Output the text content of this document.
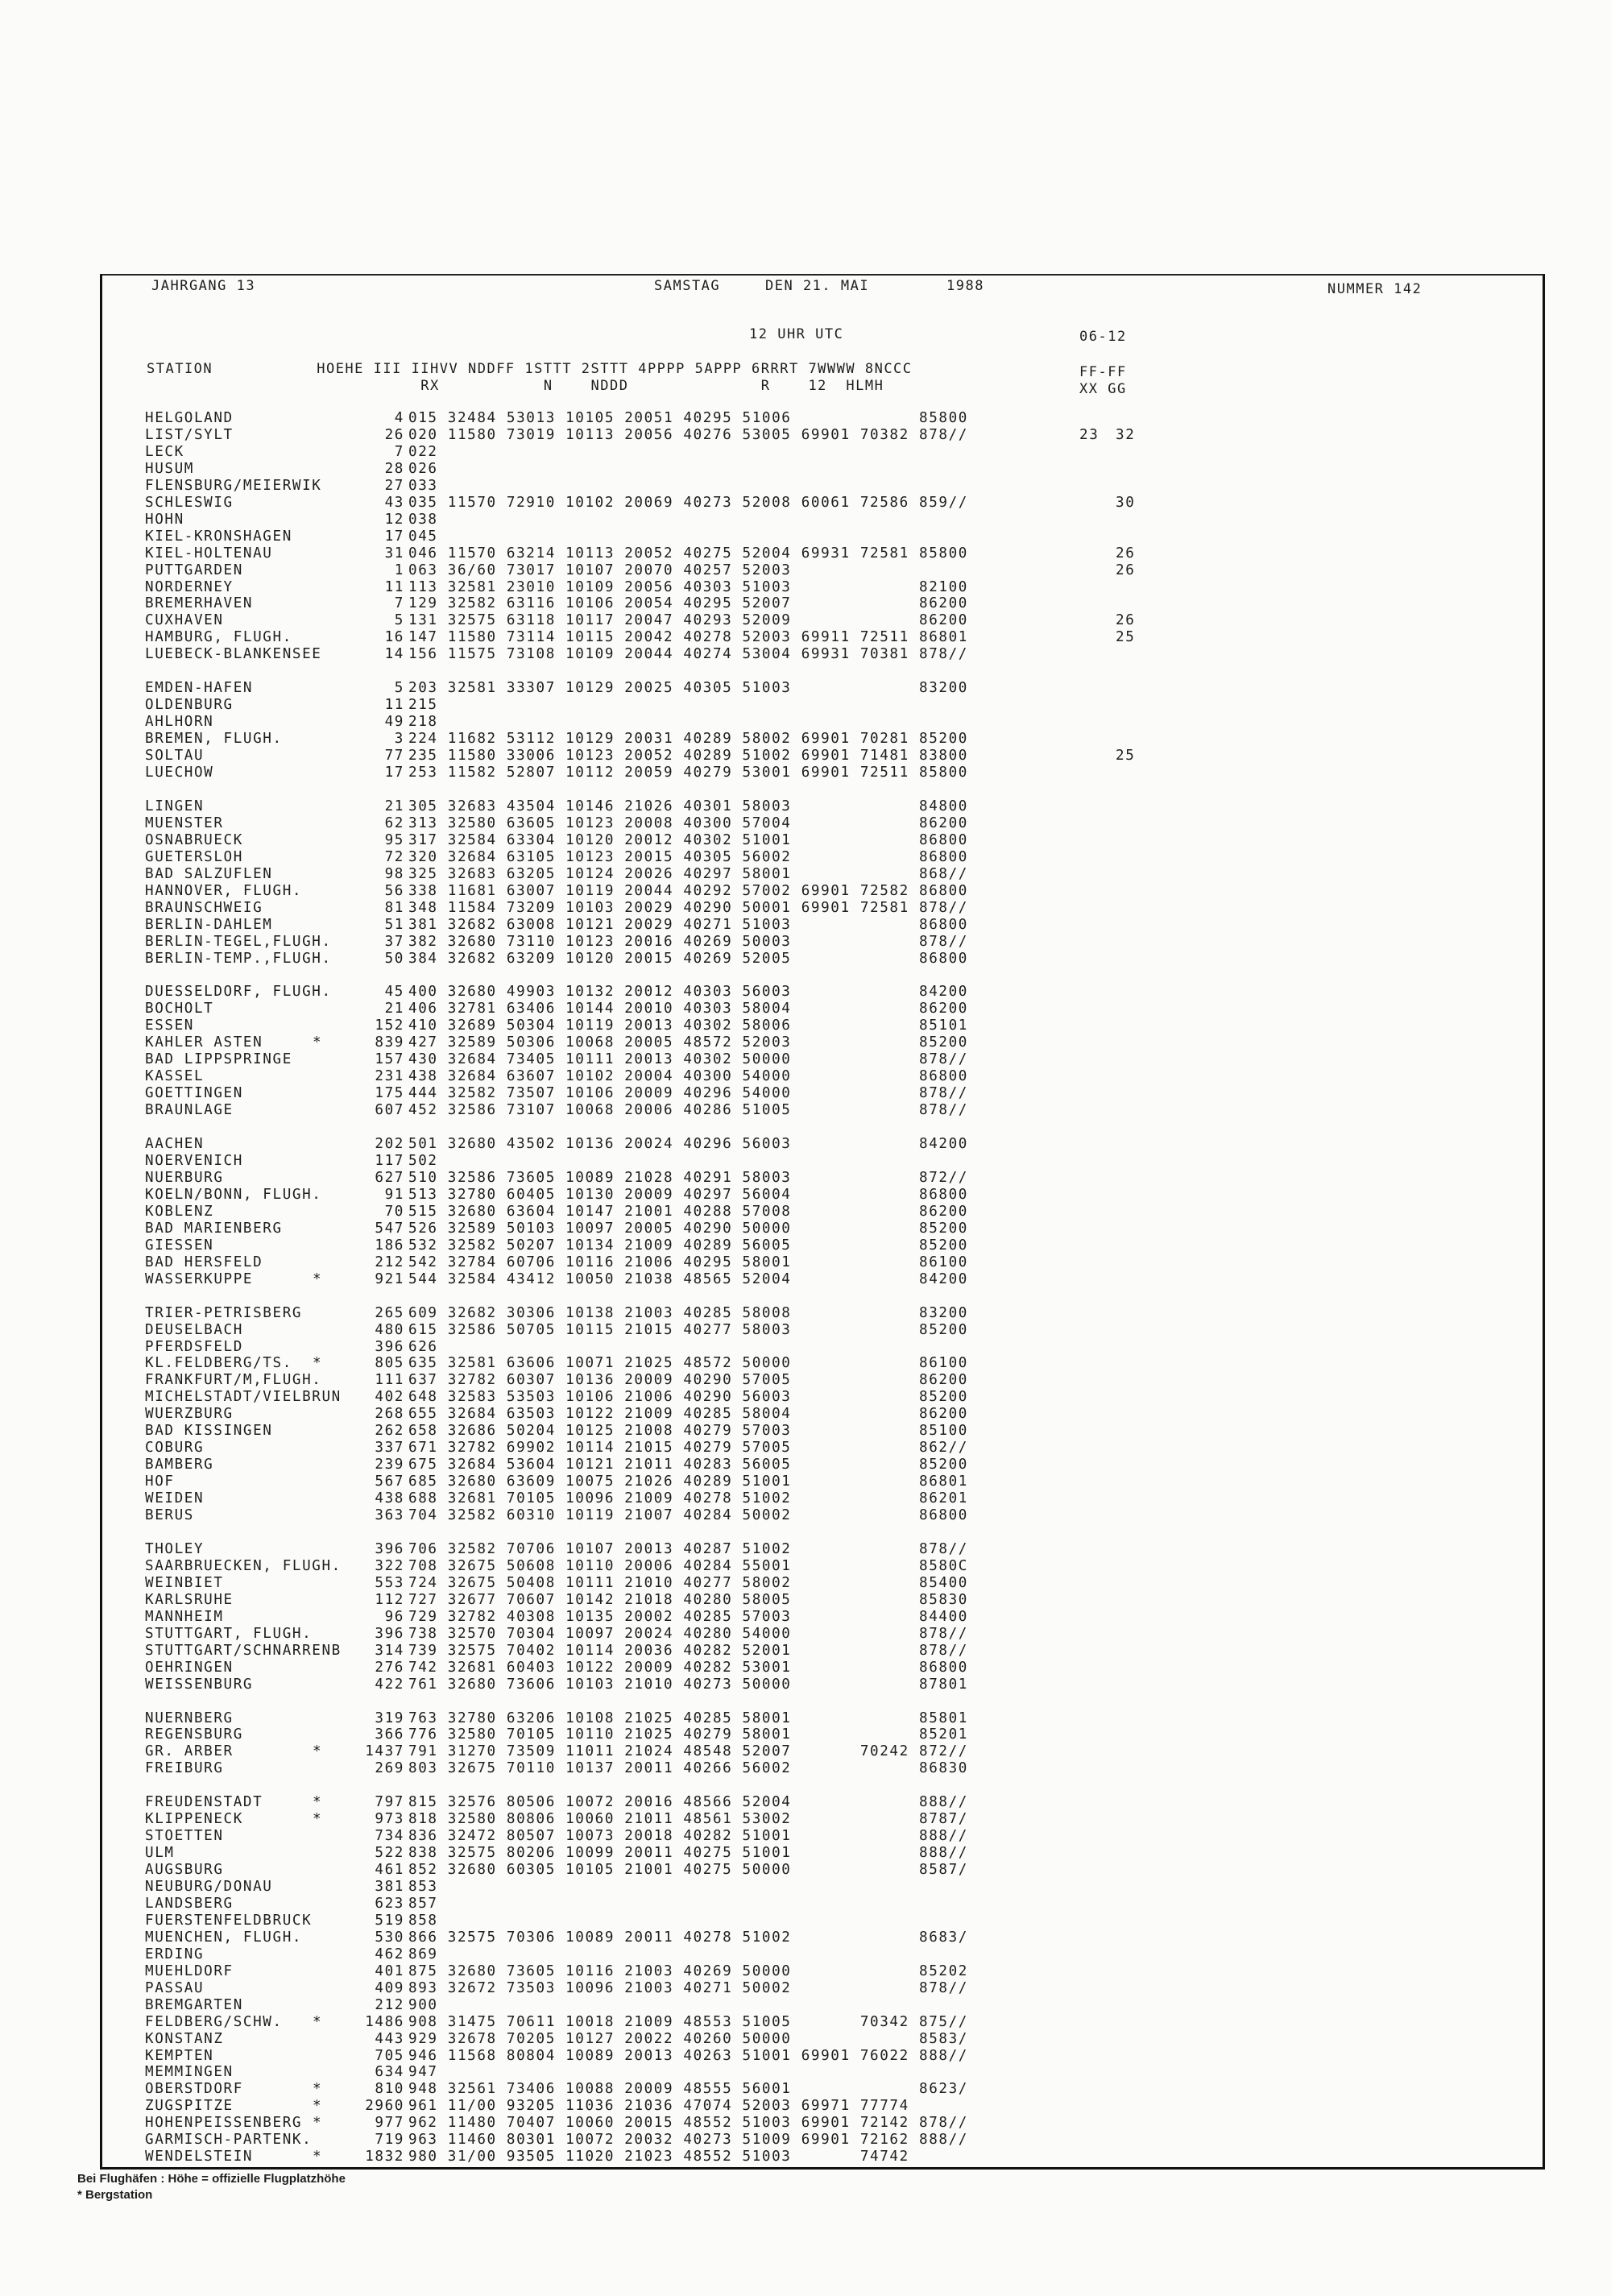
JAHRGANG 13	SAMSTAG	DEN 21. MAI	1988	NUMMER 142
12 UHR UTC	06-12
STATION           HOEHE III IIHVV NDDFF 1STTT 2STTT 4PPPP 5APPP 6RRRT 7WWWW 8NCCC
RX           N    NDDD              R    12  HLMH
FF-FF
XX GG
HELGOLAND	4 015 32484 53013 10105 20051 40295 51006             85800
LIST/SYLT	26 020 11580 73019 10113 20056 40276 53005 69901 70382 878//	23 32
LECK	7 022
HUSUM	28 026
FLENSBURG/MEIERWIK	27 033
SCHLESWIG	43 035 11570 72910 10102 20069 40273 52008 60061 72586 859//	30
HOHN	12 038
KIEL-KRONSHAGEN	17 045
KIEL-HOLTENAU	31 046 11570 63214 10113 20052 40275 52004 69931 72581 85800	26
PUTTGARDEN	1 063 36/60 73017 10107 20070 40257 52003	26
NORDERNEY	11 113 32581 23010 10109 20056 40303 51003             82100
BREMERHAVEN	7 129 32582 63116 10106 20054 40295 52007             86200
CUXHAVEN	5 131 32575 63118 10117 20047 40293 52009             86200	26
HAMBURG, FLUGH.	16 147 11580 73114 10115 20042 40278 52003 69911 72511 86801	25
LUEBECK-BLANKENSEE	14 156 11575 73108 10109 20044 40274 53004 69931 70381 878//
EMDEN-HAFEN	5 203 32581 33307 10129 20025 40305 51003             83200
OLDENBURG	11 215
AHLHORN	49 218
BREMEN, FLUGH.	3 224 11682 53112 10129 20031 40289 58002 69901 70281 85200
SOLTAU	77 235 11580 33006 10123 20052 40289 51002 69901 71481 83800	25
LUECHOW	17 253 11582 52807 10112 20059 40279 53001 69901 72511 85800
LINGEN	21 305 32683 43504 10146 21026 40301 58003             84800
MUENSTER	62 313 32580 63605 10123 20008 40300 57004             86200
OSNABRUECK	95 317 32584 63304 10120 20012 40302 51001             86800
GUETERSLOH	72 320 32684 63105 10123 20015 40305 56002             86800
BAD SALZUFLEN	98 325 32683 63205 10124 20026 40297 58001             868//
HANNOVER, FLUGH.	56 338 11681 63007 10119 20044 40292 57002 69901 72582 86800
BRAUNSCHWEIG	81 348 11584 73209 10103 20029 40290 50001 69901 72581 878//
BERLIN-DAHLEM	51 381 32682 63008 10121 20029 40271 51003             86800
BERLIN-TEGEL,FLUGH.	37 382 32680 73110 10123 20016 40269 50003             878//
BERLIN-TEMP.,FLUGH.	50 384 32682 63209 10120 20015 40269 52005             86800
DUESSELDORF, FLUGH.	45 400 32680 49903 10132 20012 40303 56003             84200
BOCHOLT	21 406 32781 63406 10144 20010 40303 58004             86200
ESSEN	152 410 32689 50304 10119 20013 40302 58006             85101
KAHLER ASTEN	*	839 427 32589 50306 10068 20005 48572 52003             85200
BAD LIPPSPRINGE	157 430 32684 73405 10111 20013 40302 50000             878//
KASSEL	231 438 32684 63607 10102 20004 40300 54000             86800
GOETTINGEN	175 444 32582 73507 10106 20009 40296 54000             878//
BRAUNLAGE	607 452 32586 73107 10068 20006 40286 51005             878//
AACHEN	202 501 32680 43502 10136 20024 40296 56003             84200
NOERVENICH	117 502
NUERBURG	627 510 32586 73605 10089 21028 40291 58003             872//
KOELN/BONN, FLUGH.	91 513 32780 60405 10130 20009 40297 56004             86800
KOBLENZ	70 515 32680 63604 10147 21001 40288 57008             86200
BAD MARIENBERG	547 526 32589 50103 10097 20005 40290 50000             85200
GIESSEN	186 532 32582 50207 10134 21009 40289 56005             85200
BAD HERSFELD	212 542 32784 60706 10116 21006 40295 58001             86100
WASSERKUPPE	*	921 544 32584 43412 10050 21038 48565 52004             84200
TRIER-PETRISBERG	265 609 32682 30306 10138 21003 40285 58008             83200
DEUSELBACH	480 615 32586 50705 10115 21015 40277 58003             85200
PFERDSFELD	396 626
KL.FELDBERG/TS. *	805 635 32581 63606 10071 21025 48572 50000             86100
FRANKFURT/M,FLUGH.	111 637 32782 60307 10136 20009 40290 57005             86200
MICHELSTADT/VIELBRUN	402 648 32583 53503 10106 21006 40290 56003             85200
WUERZBURG	268 655 32684 63503 10122 21009 40285 58004             86200
BAD KISSINGEN	262 658 32686 50204 10125 21008 40279 57003             85100
COBURG	337 671 32782 69902 10114 21015 40279 57005             862//
BAMBERG	239 675 32684 53604 10121 21011 40283 56005             85200
HOF	567 685 32680 63609 10075 21026 40289 51001             86801
WEIDEN	438 688 32681 70105 10096 21009 40278 51002             86201
BERUS	363 704 32582 60310 10119 21007 40284 50002             86800
THOLEY	396 706 32582 70706 10107 20013 40287 51002             878//
SAARBRUECKEN, FLUGH.	322 708 32675 50608 10110 20006 40284 55001             8580C
WEINBIET	553 724 32675 50408 10111 21010 40277 58002             85400
KARLSRUHE	112 727 32677 70607 10142 21018 40280 58005             85830
MANNHEIM	96 729 32782 40308 10135 20002 40285 57003             84400
STUTTGART, FLUGH.	396 738 32570 70304 10097 20024 40280 54000             878//
STUTTGART/SCHNARRENB	314 739 32575 70402 10114 20036 40282 52001             878//
OEHRINGEN	276 742 32681 60403 10122 20009 40282 53001             86800
WEISSENBURG	422 761 32680 73606 10103 21010 40273 50000             87801
NUERNBERG	319 763 32780 63206 10108 21025 40285 58001             85801
REGENSBURG	366 776 32580 70105 10110 21025 40279 58001             85201
GR. ARBER	*	1437 791 31270 73509 11011 21024 48548 52007       70242 872//
FREIBURG	269 803 32675 70110 10137 20011 40266 56002             86830
FREUDENSTADT	*	797 815 32576 80506 10072 20016 48566 52004             888//
KLIPPENECK	*	973 818 32580 80806 10060 21011 48561 53002             8787/
STOETTEN	734 836 32472 80507 10073 20018 40282 51001             888//
ULM	522 838 32575 80206 10099 20011 40275 51001             888//
AUGSBURG	461 852 32680 60305 10105 21001 40275 50000             8587/
NEUBURG/DONAU	381 853
LANDSBERG	623 857
FUERSTENFELDBRUCK	519 858
MUENCHEN, FLUGH.	530 866 32575 70306 10089 20011 40278 51002             8683/
ERDING	462 869
MUEHLDORF	401 875 32680 73605 10116 21003 40269 50000             85202
PASSAU	409 893 32672 73503 10096 21003 40271 50002             878//
BREMGARTEN	212 900
FELDBERG/SCHW. *	1486 908 31475 70611 10018 21009 48553 51005       70342 875//
KONSTANZ	443 929 32678 70205 10127 20022 40260 50000             8583/
KEMPTEN	705 946 11568 80804 10089 20013 40263 51001 69901 76022 888//
MEMMINGEN	634 947
OBERSTDORF	*	810 948 32561 73406 10088 20009 48555 56001             8623/
ZUGSPITZE	*	2960 961 11/00 93205 11036 21036 47074 52003 69971 77774
HOHENPEISSENBERG *	977 962 11480 70407 10060 20015 48552 51003 69901 72142 878//
GARMISCH-PARTENK.	719 963 11460 80301 10072 20032 40273 51009 69901 72162 888//
WENDELSTEIN	*	1832 980 31/00 93505 11020 21023 48552 51003       74742
Bei Flughäfen : Höhe = offizielle Flugplatzhöhe
* Bergstation
